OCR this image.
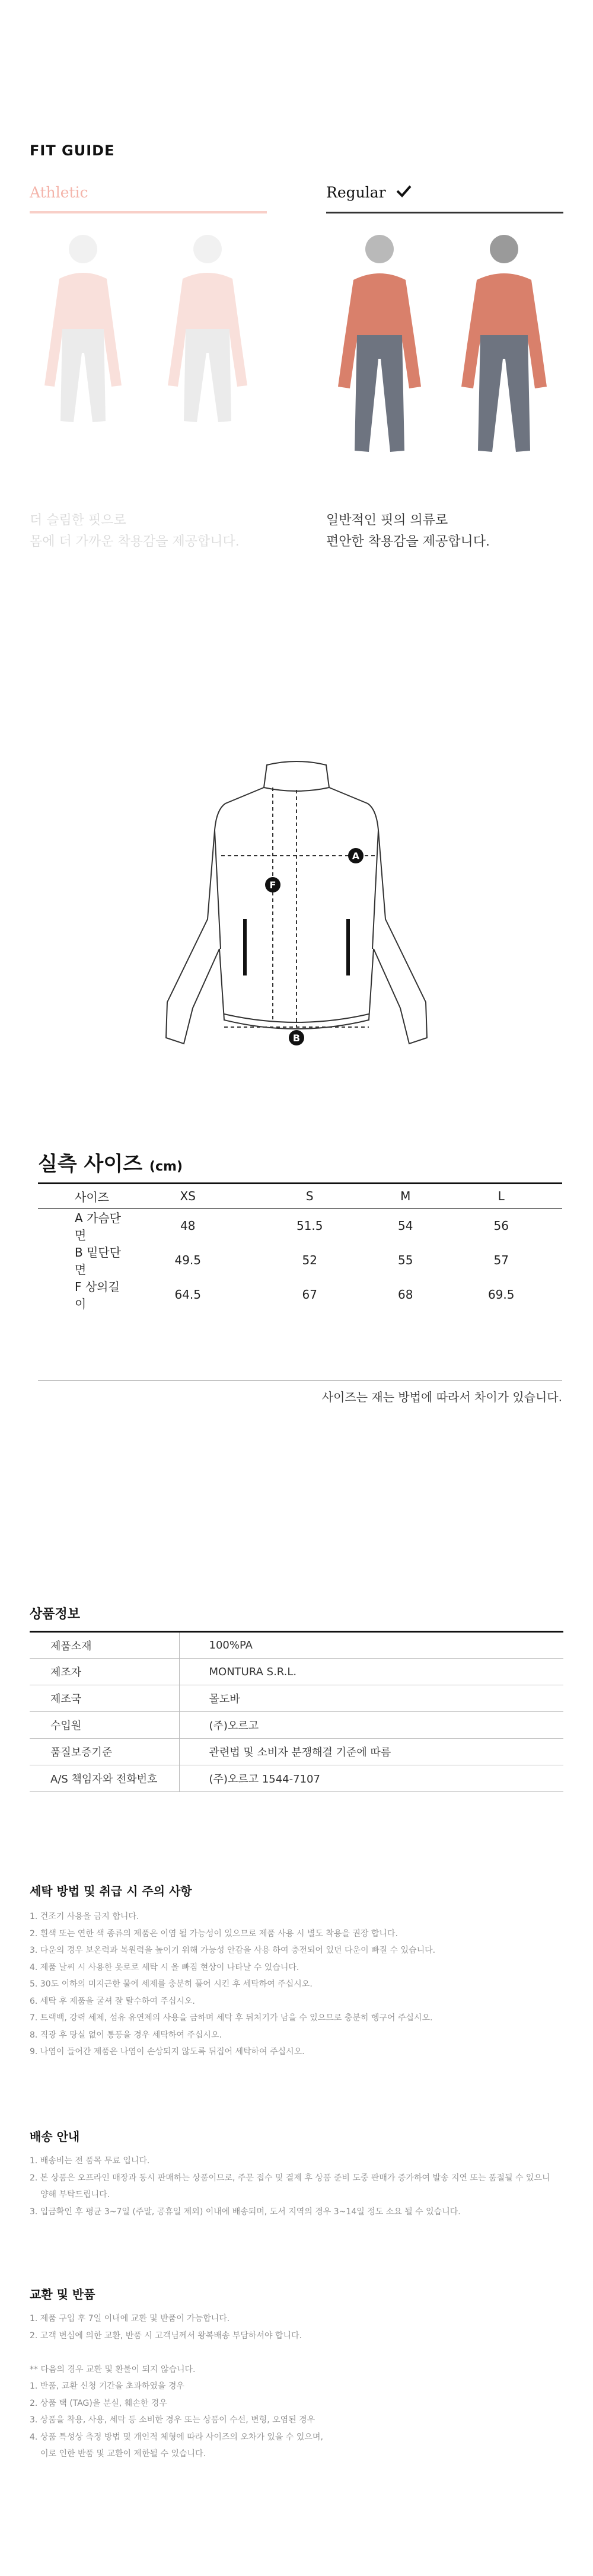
FIT GUIDE
Athletic	Regular
더 슬림한 핏으로
몸에 더 가까운 착용감을 제공합니다.
일반적인 핏의 의류로
편안한 착용감을 제공합니다.
A
F
B
실측 사이즈 (cm)
사이즈	XS	S	M	L
A 가슴단면	48	51.5	54	56
B 밑단단면	49.5	52	55	57
F 상의길이	64.5	67	68	69.5
사이즈는 재는 방법에 따라서 차이가 있습니다.
상품정보
제품소재	100%PA
제조자	MONTURA S.R.L.
제조국	몰도바
수입원	(주)오르고
품질보증기준	관련법 및 소비자 분쟁해결 기준에 따름
A/S 책임자와 전화번호	(주)오르고 1544-7107
세탁 방법 및 취급 시 주의 사항
1. 건조기 사용을 금지 합니다.
2. 흰색 또는 연한 색 종류의 제품은 이염 될 가능성이 있으므로 제품 사용 시 별도 착용을 권장 합니다.
3. 다운의 경우 보온력과 복원력을 높이기 위해 가능성 안감을 사용 하여 충전되어 있던 다운이 빠질 수 있습니다.
4. 제품 날씨 시 사용한 옷로로 세탁 시 올 빠짐 현상이 나타날 수 있습니다.
5. 30도 이하의 미지근한 물에 세제를 충분히 풀어 시킨 후 세탁하여 주십시오.
6. 세탁 후 제품을 굴셔 잘 탈수하여 주십시오.
7. 트랙백, 강력 세제, 섬유 유연제의 사용을 금하며 세탁 후 뒤처기가 남을 수 있으므로 충분히 헹구어 주십시오.
8. 직광 후 탕실 없이 통풍을 경우 세탁하여 주십시오.
9. 나염이 들어간 제품은 나염이 손상되지 않도록 뒤집어 세탁하여 주십시오.
배송 안내
1. 배송비는 전 품목 무료 입니다.
2. 본 상품은 오프라인 매장과 동시 판매하는 상품이므로, 주문 접수 및 결제 후 상품 준비 도중 판매가 증가하여 발송 지연 또는 품절될 수 있으니
양해 부탁드립니다.
3. 입금확인 후 평균 3~7일 (주말, 공휴일 제외) 이내에 배송되며, 도서 지역의 경우 3~14일 정도 소요 될 수 있습니다.
교환 및 반품
1. 제품 구입 후 7일 이내에 교환 및 반품이 가능합니다.
2. 고객 변심에 의한 교환, 반품 시 고객님께서 왕복배송 부담하셔야 합니다.

** 다음의 경우 교환 및 환불이 되지 않습니다.
1. 반품, 교환 신청 기간을 초과하였을 경우
2. 상품 택 (TAG)을 분실, 훼손한 경우
3. 상품을 착용, 사용, 세탁 등 소비한 경우 또는 상품이 수선, 변형, 오염된 경우
4. 상품 특성상 측정 방법 및 개인적 체형에 따라 사이즈의 오차가 있을 수 있으며,
이로 인한 반품 및 교환이 제한될 수 있습니다.
